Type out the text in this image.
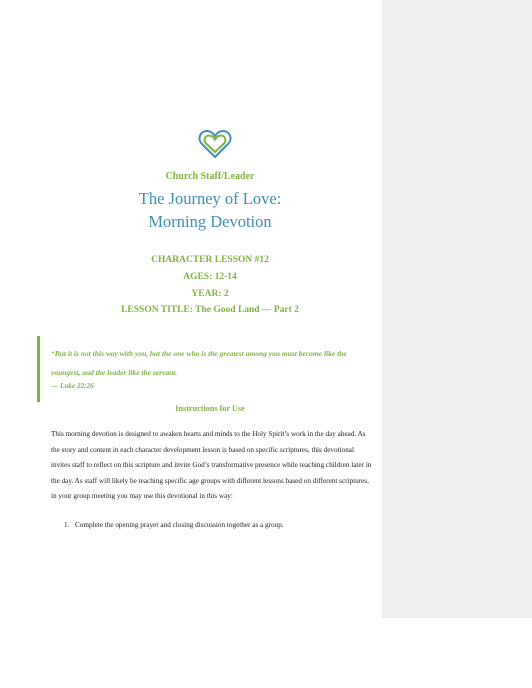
Church Staff/Leader
The Journey of Love:
Morning Devotion
CHARACTER LESSON #12
AGES: 12-14
YEAR: 2
LESSON TITLE: The Good Land — Part 2
“But it is not this way with you, but the one who is the greatest among you must become like the youngest, and the leader like the servant.
— Luke 22:26
Instructions for Use
This morning devotion is designed to awaken hearts and minds to the Holy Spirit’s work in the day ahead. As the story and content in each character development lesson is based on specific scriptures, this devotional invites staff to reflect on this scripture and invite God’s transformative presence while teaching children later in the day. As staff will likely be teaching specific age groups with different lessons based on different scriptures, in your group meeting you may use this devotional in this way:
1. Complete the opening prayer and closing discussion together as a group.
